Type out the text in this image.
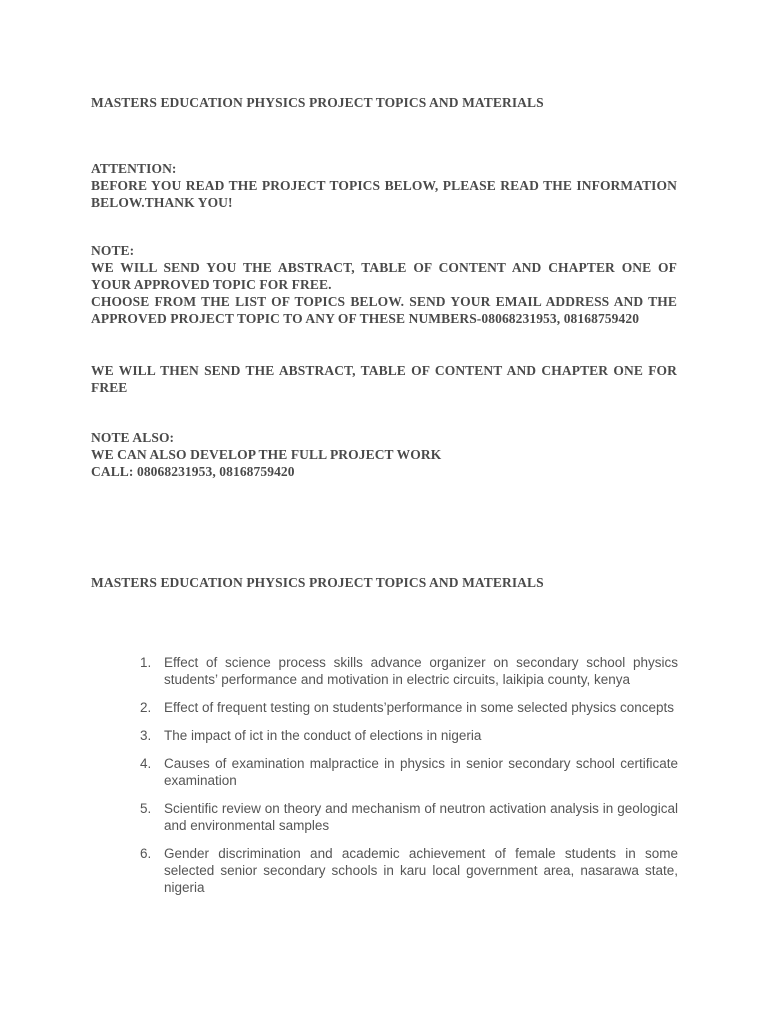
MASTERS EDUCATION PHYSICS PROJECT TOPICS AND MATERIALS
ATTENTION:
BEFORE YOU READ THE PROJECT TOPICS BELOW, PLEASE READ THE INFORMATION BELOW.THANK YOU!
NOTE:
WE WILL SEND YOU THE ABSTRACT, TABLE OF CONTENT AND CHAPTER ONE OF YOUR APPROVED TOPIC FOR FREE.
CHOOSE FROM THE LIST OF TOPICS BELOW. SEND YOUR EMAIL ADDRESS AND THE APPROVED PROJECT TOPIC TO ANY OF THESE NUMBERS-08068231953, 08168759420
WE WILL THEN SEND THE ABSTRACT, TABLE OF CONTENT AND CHAPTER ONE FOR FREE
NOTE ALSO:
WE CAN ALSO DEVELOP THE FULL PROJECT WORK
CALL: 08068231953, 08168759420
MASTERS EDUCATION PHYSICS PROJECT TOPICS AND MATERIALS
1. Effect of science process skills advance organizer on secondary school physics students’ performance and motivation in electric circuits, laikipia county, kenya
2. Effect of frequent testing on students’performance in some selected physics concepts
3. The impact of ict in the conduct of elections in nigeria
4. Causes of examination malpractice in physics in senior secondary school certificate examination
5. Scientific review on theory and mechanism of neutron activation analysis in geological and environmental samples
6. Gender discrimination and academic achievement of female students in some selected senior secondary schools in karu local government area, nasarawa state, nigeria
